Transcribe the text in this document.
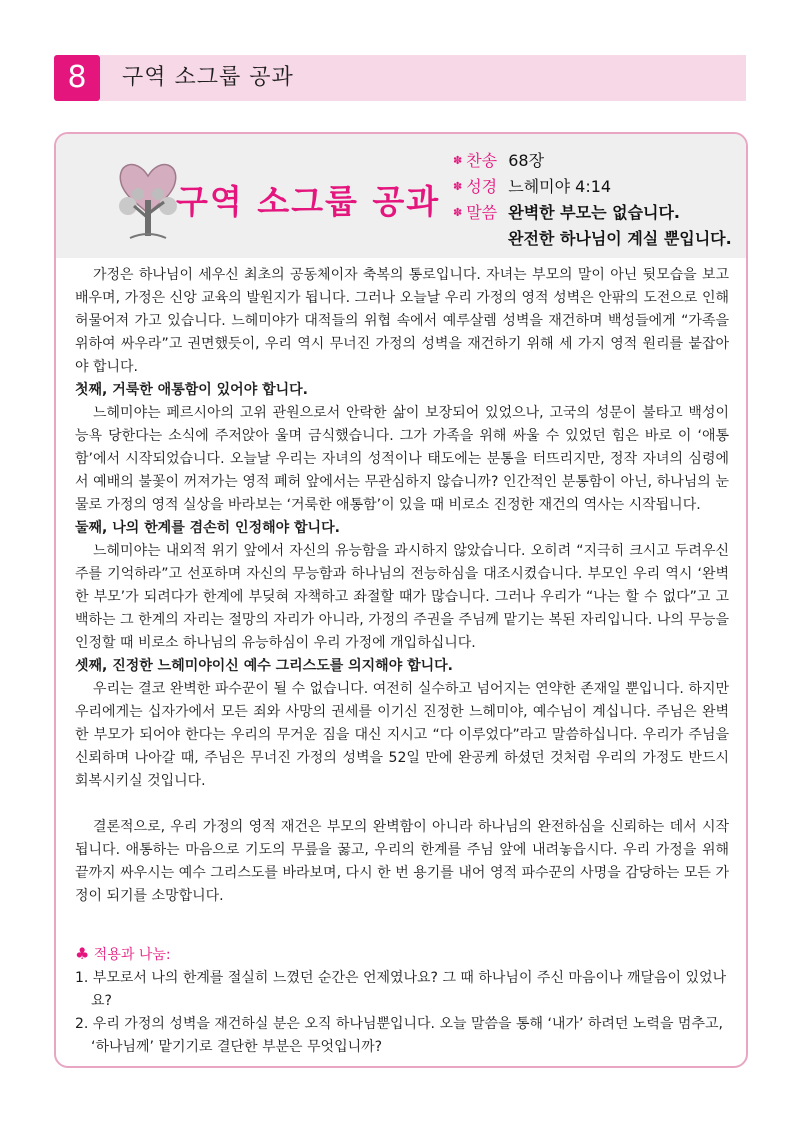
8	구역 소그룹 공과
구역 소그룹 공과
✽ 찬송 68장
✽ 성경 느헤미야 4:14
✽ 말씀 완벽한 부모는 없습니다.
완전한 하나님이 계실 뿐입니다.

가정은 하나님이 세우신 최초의 공동체이자 축복의 통로입니다. 자녀는 부모의 말이 아닌 뒷모습을 보고 배우며, 가정은 신앙 교육의 발원지가 됩니다. 그러나 오늘날 우리 가정의 영적 성벽은 안팎의 도전으로 인해 허물어져 가고 있습니다. 느헤미야가 대적들의 위협 속에서 예루살렘 성벽을 재건하며 백성들에게 “가족을 위하여 싸우라”고 권면했듯이, 우리 역시 무너진 가정의 성벽을 재건하기 위해 세 가지 영적 원리를 붙잡아야 합니다.

첫째, 거룩한 애통함이 있어야 합니다.

느헤미야는 페르시아의 고위 관원으로서 안락한 삶이 보장되어 있었으나, 고국의 성문이 불타고 백성이 능욕 당한다는 소식에 주저앉아 울며 금식했습니다. 그가 가족을 위해 싸울 수 있었던 힘은 바로 이 ‘애통함’에서 시작되었습니다. 오늘날 우리는 자녀의 성적이나 태도에는 분통을 터뜨리지만, 정작 자녀의 심령에서 예배의 불꽃이 꺼져가는 영적 폐허 앞에서는 무관심하지 않습니까? 인간적인 분통함이 아닌, 하나님의 눈물로 가정의 영적 실상을 바라보는 ‘거룩한 애통함’이 있을 때 비로소 진정한 재건의 역사는 시작됩니다.

둘째, 나의 한계를 겸손히 인정해야 합니다.

느헤미야는 내외적 위기 앞에서 자신의 유능함을 과시하지 않았습니다. 오히려 “지극히 크시고 두려우신 주를 기억하라”고 선포하며 자신의 무능함과 하나님의 전능하심을 대조시켰습니다. 부모인 우리 역시 ‘완벽한 부모’가 되려다가 한계에 부딪혀 자책하고 좌절할 때가 많습니다. 그러나 우리가 “나는 할 수 없다”고 고백하는 그 한계의 자리는 절망의 자리가 아니라, 가정의 주권을 주님께 맡기는 복된 자리입니다. 나의 무능을 인정할 때 비로소 하나님의 유능하심이 우리 가정에 개입하십니다.

셋째, 진정한 느헤미야이신 예수 그리스도를 의지해야 합니다.

우리는 결코 완벽한 파수꾼이 될 수 없습니다. 여전히 실수하고 넘어지는 연약한 존재일 뿐입니다. 하지만 우리에게는 십자가에서 모든 죄와 사망의 권세를 이기신 진정한 느헤미야, 예수님이 계십니다. 주님은 완벽한 부모가 되어야 한다는 우리의 무거운 짐을 대신 지시고 “다 이루었다”라고 말씀하십니다. 우리가 주님을 신뢰하며 나아갈 때, 주님은 무너진 가정의 성벽을 52일 만에 완공케 하셨던 것처럼 우리의 가정도 반드시 회복시키실 것입니다.

결론적으로, 우리 가정의 영적 재건은 부모의 완벽함이 아니라 하나님의 완전하심을 신뢰하는 데서 시작됩니다. 애통하는 마음으로 기도의 무릎을 꿇고, 우리의 한계를 주님 앞에 내려놓읍시다. 우리 가정을 위해 끝까지 싸우시는 예수 그리스도를 바라보며, 다시 한 번 용기를 내어 영적 파수꾼의 사명을 감당하는 모든 가정이 되기를 소망합니다.

♣ 적용과 나눔:

1. 부모로서 나의 한계를 절실히 느꼈던 순간은 언제였나요? 그 때 하나님이 주신 마음이나 깨달음이 있었나요?

2. 우리 가정의 성벽을 재건하실 분은 오직 하나님뿐입니다. 오늘 말씀을 통해 ‘내가’ 하려던 노력을 멈추고, ‘하나님께’ 맡기기로 결단한 부분은 무엇입니까?
